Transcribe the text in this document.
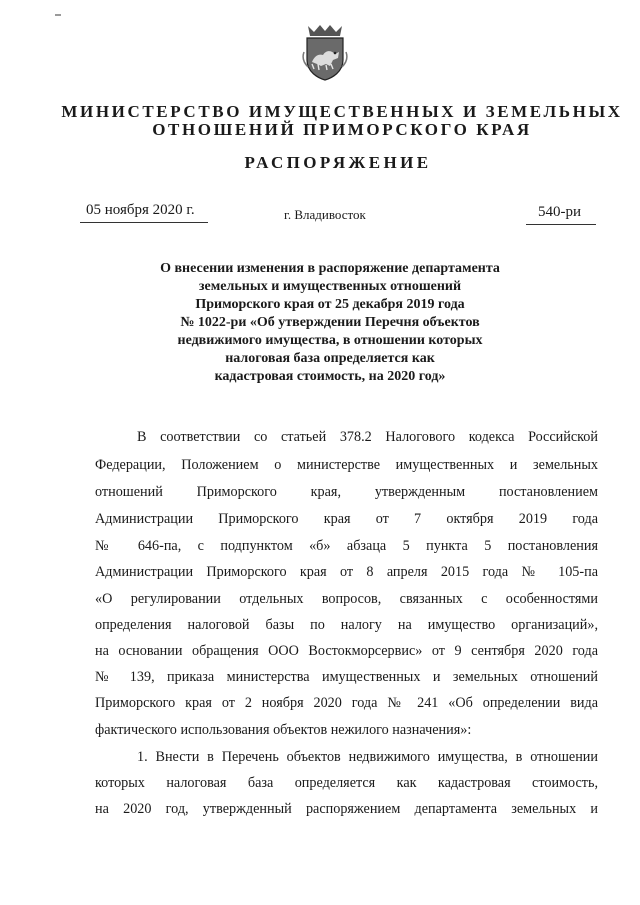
МИНИСТЕРСТВО ИМУЩЕСТВЕННЫХ И ЗЕМЕЛЬНЫХ
ОТНОШЕНИЙ ПРИМОРСКОГО КРАЯ
РАСПОРЯЖЕНИЕ
05 ноября 2020 г.	г. Владивосток	540-ри
О внесении изменения в распоряжение департамента
земельных и имущественных отношений
Приморского края от 25 декабря 2019 года
№ 1022-ри «Об утверждении Перечня объектов
недвижимого имущества, в отношении которых
налоговая база определяется как
кадастровая стоимость, на 2020 год»
В соответствии со статьей 378.2 Налогового кодекса Российской
Федерации, Положением о министерстве имущественных и земельных
отношений Приморского края, утвержденным постановлением
Администрации Приморского края от 7 октября 2019 года
№ 646-па, с подпунктом «б» абзаца 5 пункта 5 постановления
Администрации Приморского края от 8 апреля 2015 года № 105-па
«О регулировании отдельных вопросов, связанных с особенностями
определения налоговой базы по налогу на имущество организаций»,
на основании обращения ООО Востокморсервис» от 9 сентября 2020 года
№ 139, приказа министерства имущественных и земельных отношений
Приморского края от 2 ноября 2020 года № 241 «Об определении вида
фактического использования объектов нежилого назначения»:
1. Внести в Перечень объектов недвижимого имущества, в отношении
которых налоговая база определяется как кадастровая стоимость,
на 2020 год, утвержденный распоряжением департамента земельных и
